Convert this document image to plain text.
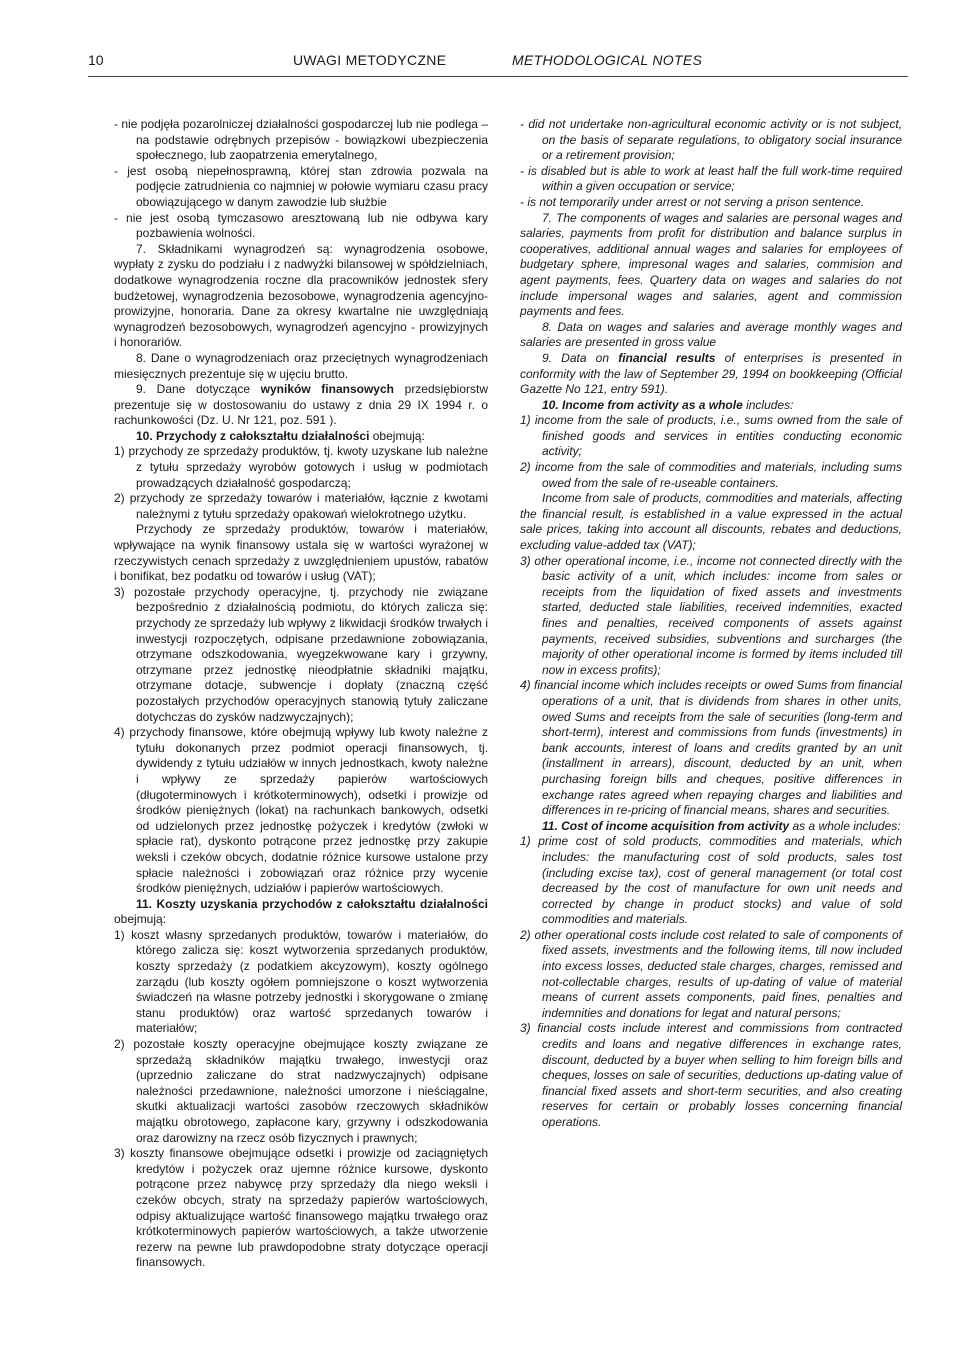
10	UWAGI METODYCZNE	METHODOLOGICAL NOTES

- nie podjęła pozarolniczej działalności gospodarczej lub nie podlega – na podstawie odrębnych przepisów - bowiązkowi ubezpieczenia społecznego, lub zaopatrzenia emerytalnego,

- jest osobą niepełnosprawną, której stan zdrowia pozwala na podjęcie zatrudnienia co najmniej w połowie wymiaru czasu pracy obowiązującego w danym zawodzie lub służbie

- nie jest osobą tymczasowo aresztowaną lub nie odbywa kary pozbawienia wolności.

7. Składnikami wynagrodzeń są: wynagrodzenia osobowe, wypłaty z zysku do podziału i z nadwyżki bilansowej w spółdzielniach, dodatkowe wynagrodzenia roczne dla pracowników jednostek sfery budżetowej, wynagrodzenia bezosobowe, wynagrodzenia agencyjno-prowizyjne, honoraria. Dane za okresy kwartalne nie uwzględniają wynagrodzeń bezosobowych, wynagrodzeń agencyjno - prowizyjnych i honorariów.

8. Dane o wynagrodzeniach oraz przeciętnych wynagrodzeniach miesięcznych prezentuje się w ujęciu brutto.

9. Dane dotyczące wyników finansowych przedsiębiorstw prezentuje się w dostosowaniu do ustawy z dnia 29 IX 1994 r. o rachunkowości (Dz. U. Nr 121, poz. 591 ).

10. Przychody z całokształtu działalności obejmują:

1) przychody ze sprzedaży produktów, tj. kwoty uzyskane lub należne z tytułu sprzedaży wyrobów gotowych i usług w podmiotach prowadzących działalność gospodarczą;

2) przychody ze sprzedaży towarów i materiałów, łącznie z kwotami należnymi z tytułu sprzedaży opakowań wielokrotnego użytku.

Przychody ze sprzedaży produktów, towarów i materiałów, wpływające na wynik finansowy ustala się w wartości wyrażonej w rzeczywistych cenach sprzedaży z uwzględnieniem upustów, rabatów i bonifikat, bez podatku od towarów i usług (VAT);

3) pozostałe przychody operacyjne, tj. przychody nie związane bezpośrednio z działalnością podmiotu, do których zalicza się: przychody ze sprzedaży lub wpływy z likwidacji środków trwałych i inwestycji rozpoczętych, odpisane przedawnione zobowiązania, otrzymane odszkodowania, wyegzekwowane kary i grzywny, otrzymane przez jednostkę nieodpłatnie składniki majątku, otrzymane dotacje, subwencje i dopłaty (znaczną część pozostałych przychodów operacyjnych stanowią tytuły zaliczane dotychczas do zysków nadzwyczajnych);

4) przychody finansowe, które obejmują wpływy lub kwoty należne z tytułu dokonanych przez podmiot operacji finansowych, tj. dywidendy z tytułu udziałów w innych jednostkach, kwoty należne i wpływy ze sprzedaży papierów wartościowych (długoterminowych i krótkoterminowych), odsetki i prowizje od środków pieniężnych (lokat) na rachunkach bankowych, odsetki od udzielonych przez jednostkę pożyczek i kredytów (zwłoki w spłacie rat), dyskonto potrącone przez jednostkę przy zakupie weksli i czeków obcych, dodatnie różnice kursowe ustalone przy spłacie należności i zobowiązań oraz różnice przy wycenie środków pieniężnych, udziałów i papierów wartościowych.

11. Koszty uzyskania przychodów z całokształtu działalności obejmują:

1) koszt własny sprzedanych produktów, towarów i materiałów, do którego zalicza się: koszt wytworzenia sprzedanych produktów, koszty sprzedaży (z podatkiem akcyzowym), koszty ogólnego zarządu (lub koszty ogółem pomniejszone o koszt wytworzenia świadczeń na własne potrzeby jednostki i skorygowane o zmianę stanu produktów) oraz wartość sprzedanych towarów i materiałów;

2) pozostałe koszty operacyjne obejmujące koszty związane ze sprzedażą składników majątku trwałego, inwestycji oraz (uprzednio zaliczane do strat nadzwyczajnych) odpisane należności przedawnione, należności umorzone i nieściągalne, skutki aktualizacji wartości zasobów rzeczowych składników majątku obrotowego, zapłacone kary, grzywny i odszkodowania oraz darowizny na rzecz osób fizycznych i prawnych;

3) koszty finansowe obejmujące odsetki i prowizje od zaciągniętych kredytów i pożyczek oraz ujemne różnice kursowe, dyskonto potrącone przez nabywcę przy sprzedaży dla niego weksli i czeków obcych, straty na sprzedaży papierów wartościowych, odpisy aktualizujące wartość finansowego majątku trwałego oraz krótkoterminowych papierów wartościowych, a także utworzenie rezerw na pewne lub prawdopodobne straty dotyczące operacji finansowych.

- did not undertake non-agricultural economic activity or is not subject, on the basis of separate regulations, to obligatory social insurance or a retirement provision;

- is disabled but is able to work at least half the full work-time required within a given occupation or service;

- is not temporarily under arrest or not serving a prison sentence.

7. The components of wages and salaries are personal wages and salaries, payments from profit for distribution and balance surplus in cooperatives, additional annual wages and salaries for employees of budgetary sphere, impresonal wages and salaries, commision and agent payments, fees. Quartery data on wages and salaries do not include impersonal wages and salaries, agent and commission payments and fees.

8. Data on wages and salaries and average monthly wages and salaries are presented in gross value

9. Data on financial results of enterprises is presented in conformity with the law of September 29, 1994 on bookkeeping (Official Gazette No 121, entry 591).

10. Income from activity as a whole includes:

1) income from the sale of products, i.e., sums owned from the sale of finished goods and services in entities conducting economic activity;

2) income from the sale of commodities and materials, including sums owed from the sale of re-useable containers.

Income from sale of products, commodities and materials, affecting the financial result, is established in a value expressed in the actual sale prices, taking into account all discounts, rebates and deductions, excluding value-added tax (VAT);

3) other operational income, i.e., income not connected directly with the basic activity of a unit, which includes: income from sales or receipts from the liquidation of fixed assets and investments started, deducted stale liabilities, received indemnities, exacted fines and penalties, received components of assets against payments, received subsidies, subventions and surcharges (the majority of other operational income is formed by items included till now in excess profits);

4) financial income which includes receipts or owed Sums from financial operations of a unit, that is dividends from shares in other units, owed Sums and receipts from the sale of securities (long-term and short-term), interest and commissions from funds (investments) in bank accounts, interest of loans and credits granted by an unit (installment in arrears), discount, deducted by an unit, when purchasing foreign bills and cheques, positive differences in exchange rates agreed when repaying charges and liabilities and differences in re-pricing of financial means, shares and securities.

11. Cost of income acquisition from activity as a whole includes:

1) prime cost of sold products, commodities and materials, which includes: the manufacturing cost of sold products, sales tost (including excise tax), cost of general management (or total cost decreased by the cost of manufacture for own unit needs and corrected by change in product stocks) and value of sold commodities and materials.

2) other operational costs include cost related to sale of components of fixed assets, investments and the following items, till now included into excess losses, deducted stale charges, charges, remissed and not-collectable charges, results of up-dating of value of material means of current assets components, paid fines, penalties and indemnities and donations for legat and natural persons;

3) financial costs include interest and commissions from contracted credits and loans and negative differences in exchange rates, discount, deducted by a buyer when selling to him foreign bills and cheques, losses on sale of securities, deductions up-dating value of financial fixed assets and short-term securities, and also creating reserves for certain or probably losses concerning financial operations.
